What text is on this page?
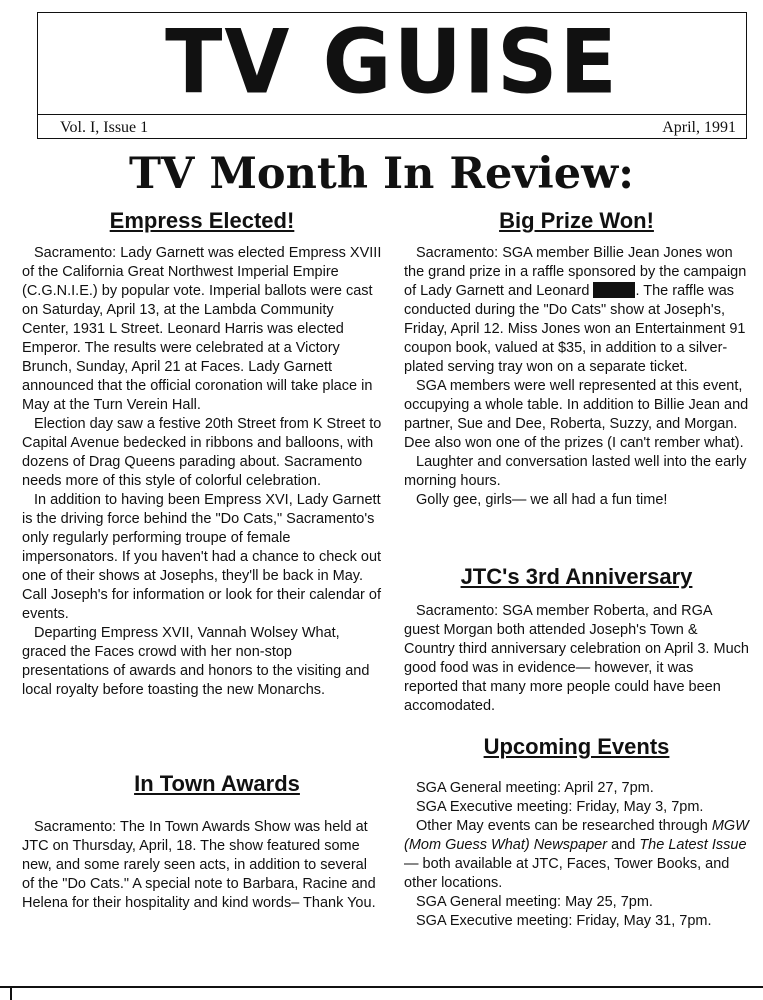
TV GUISE
Vol. I, Issue 1	April, 1991
TV Month In Review:
Empress Elected!

Sacramento: Lady Garnett was elected Empress XVIII of the California Great Northwest Imperial Empire (C.G.N.I.E.) by popular vote. Imperial ballots were cast on Saturday, April 13, at the Lambda Community Center, 1931 L Street. Leonard Harris was elected Emperor. The results were celebrated at a Victory Brunch, Sunday, April 21 at Faces. Lady Garnett announced that the official coronation will take place in May at the Turn Verein Hall.

Election day saw a festive 20th Street from K Street to Capital Avenue bedecked in ribbons and balloons, with dozens of Drag Queens parading about. Sacramento needs more of this style of colorful celebration.

In addition to having been Empress XVI, Lady Garnett is the driving force behind the "Do Cats," Sacramento's only regularly performing troupe of female impersonators. If you haven't had a chance to check out one of their shows at Josephs, they'll be back in May. Call Joseph's for information or look for their calendar of events.

Departing Empress XVII, Vannah Wolsey What, graced the Faces crowd with her non-stop presentations of awards and honors to the visiting and local royalty before toasting the new Monarchs.

In Town Awards

Sacramento: The In Town Awards Show was held at JTC on Thursday, April, 18. The show featured some new, and some rarely seen acts, in addition to several of the "Do Cats." A special note to Barbara, Racine and Helena for their hospitality and kind words– Thank You.

Big Prize Won!

Sacramento: SGA member Billie Jean Jones won the grand prize in a raffle sponsored by the campaign of Lady Garnett and Leonard	. The raffle was conducted during the "Do Cats" show at Joseph's, Friday, April 12. Miss Jones won an Entertainment 91 coupon book, valued at $35, in addition to a silver-plated serving tray won on a separate ticket.

SGA members were well represented at this event, occupying a whole table. In addition to Billie Jean and partner, Sue and Dee, Roberta, Suzzy, and Morgan. Dee also won one of the prizes (I can't rember what).

Laughter and conversation lasted well into the early morning hours.

Golly gee, girls— we all had a fun time!

JTC's 3rd Anniversary

Sacramento: SGA member Roberta, and RGA guest Morgan both attended Joseph's Town & Country third anniversary celebration on April 3. Much good food was in evidence— however, it was reported that many more people could have been accomodated.

Upcoming Events

SGA General meeting: April 27, 7pm.

SGA Executive meeting: Friday, May 3, 7pm.

Other May events can be researched through MGW (Mom Guess What) Newspaper and The Latest Issue— both available at JTC, Faces, Tower Books, and other locations.

SGA General meeting: May 25, 7pm.

SGA Executive meeting: Friday, May 31, 7pm.
